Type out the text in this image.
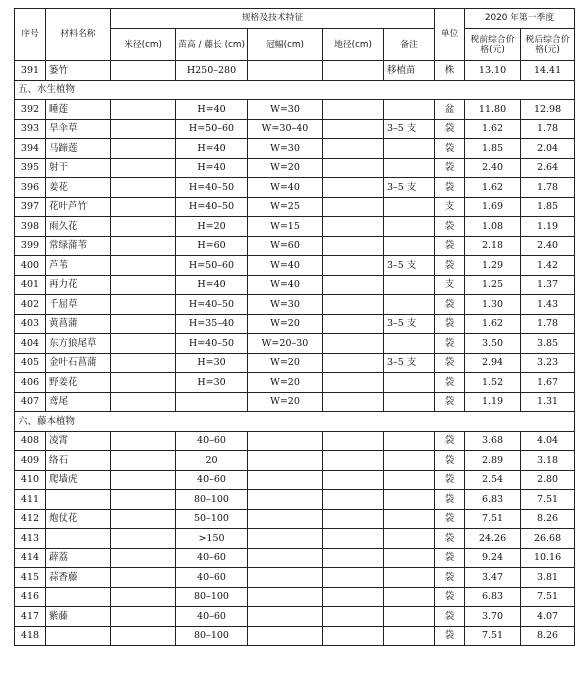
序号	材料名称	规格及技术特征					单位	2020 年第一季度	
		米径(cm)	苗高 / 藤长 (cm)	冠幅(cm)	地径(cm)	备注		税前综合价格(元)	税后综合价格(元)
391	篓竹		H250–280			移植苗	株	13.10	14.41
五、水生植物									
392	睡莲		H=40	W=30			盆	11.80	12.98
393	旱伞草		H=50–60	W=30–40		3–5 支	袋	1.62	1.78
394	马蹄莲		H=40	W=30			袋	1.85	2.04
395	射干		H=40	W=20			袋	2.40	2.64
396	姜花		H=40–50	W=40		3–5 支	袋	1.62	1.78
397	花叶芦竹		H=40–50	W=25			支	1.69	1.85
398	雨久花		H=20	W=15			袋	1.08	1.19
399	常绿蒲苇		H=60	W=60			袋	2.18	2.40
400	芦苇		H=50–60	W=40		3–5 支	袋	1.29	1.42
401	再力花		H=40	W=40			支	1.25	1.37
402	千屈草		H=40–50	W=30			袋	1.30	1.43
403	黄菖蒲		H=35–40	W=20		3–5 支	袋	1.62	1.78
404	东方狼尾草		H=40–50	W=20–30			袋	3.50	3.85
405	金叶石菖蒲		H=30	W=20		3–5 支	袋	2.94	3.23
406	野姜花		H=30	W=20			袋	1.52	1.67
407	鸢尾			W=20			袋	1.19	1.31
六、藤本植物									
408	凌霄		40–60				袋	3.68	4.04
409	络石		20				袋	2.89	3.18
410	爬墙虎		40–60				袋	2.54	2.80
411			80–100				袋	6.83	7.51
412	炮仗花		50–100				袋	7.51	8.26
413			>150				袋	24.26	26.68
414	薜荔		40–60				袋	9.24	10.16
415	蒜香藤		40–60				袋	3.47	3.81
416			80–100				袋	6.83	7.51
417	紫藤		40–60				袋	3.70	4.07
418			80–100				袋	7.51	8.26
